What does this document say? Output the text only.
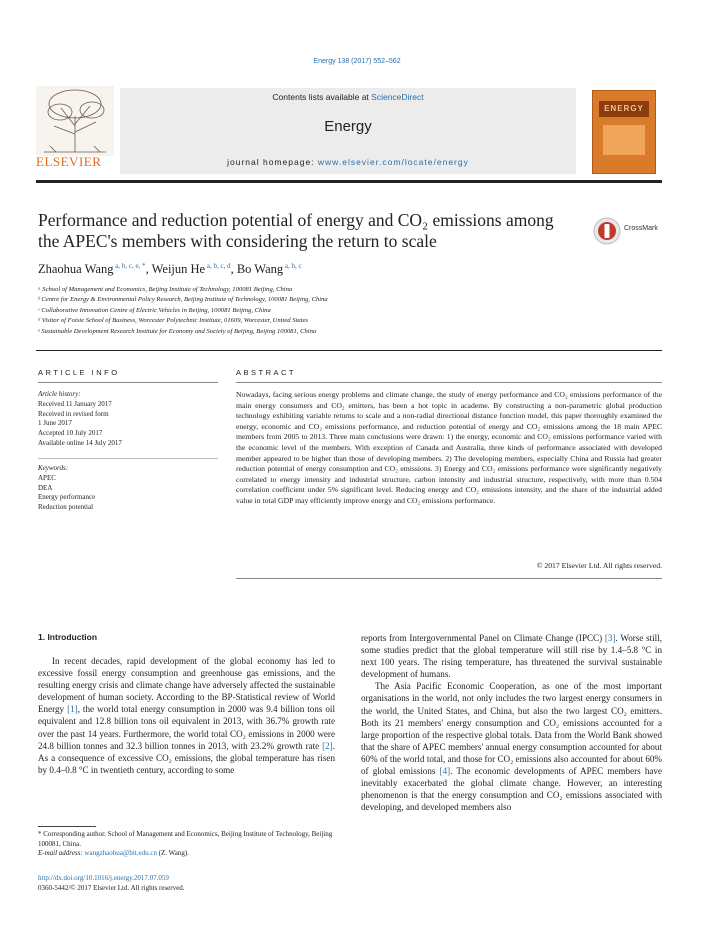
Energy 138 (2017) 552–562
ELSEVIER
Contents lists available at ScienceDirect
Energy
journal homepage: www.elsevier.com/locate/energy
ENERGY
Performance and reduction potential of energy and CO₂ emissions among the APEC's members with considering the return to scale
CrossMark
Zhaohua Wang $^{a, b, c, e, *}$, Weijun He $^{a, b, c, d}$, Bo Wang $^{a, b, c}$
ᵃ School of Management and Economics, Beijing Institute of Technology, 100081 Beijing, China
ᵇ Centre for Energy & Environmental Policy Research, Beijing Institute of Technology, 100081 Beijing, China
ᶜ Collaborative Innovation Centre of Electric Vehicles in Beijing, 100081 Beijing, China
ᵈ Visitor of Foisie School of Business, Worcester Polytechnic Institute, 01609, Worcester, United States
ᵉ Sustainable Development Research Institute for Economy and Society of Beijing, Beijing 100081, China
ARTICLE INFO
Article history:
Received 11 January 2017
Received in revised form
1 June 2017
Accepted 10 July 2017
Available online 14 July 2017
Keywords:
APEC
DEA
Energy performance
Reduction potential
ABSTRACT
Nowadays, facing serious energy problems and climate change, the study of energy performance and CO₂ emissions performance of the main energy consumers and CO₂ emitters, has been a hot topic in academe. By constructing a non-parametric global production technology exhibiting variable returns to scale and a non-radial directional distance function model, this paper thoroughly examined the energy, economic and CO₂ emissions performance, and reduction potential of energy and CO₂ emissions among the 18 main APEC members from 2005 to 2013. Three main conclusions were drawn: 1) the energy, economic and CO₂ emissions performance varied with the economic level of the members. With exception of Canada and Australia, three kinds of performance associated with developed member appeared to be higher than those of developing members. 2) The developing members, especially China and Russia had greater reduction potential of energy consumption and CO₂ emissions. 3) Energy and CO₂ emissions performance were significantly negatively correlated to energy intensity and industrial structure, carbon intensity and industrial structure, respectively, with more than 0.504 correlation coefficient under 5% significant level. Reducing energy and CO₂ emissions intensity, and the share of the industrial added value in total GDP may efficiently improve energy and CO₂ emissions performance.
© 2017 Elsevier Ltd. All rights reserved.
1. Introduction

In recent decades, rapid development of the global economy has led to excessive fossil energy consumption and greenhouse gas emissions, and the resulting energy crisis and climate change have adversely affected the sustainable development of human society. According to the BP-Statistical review of World Energy [1], the world total energy consumption in 2000 was 9.4 billion tons oil equivalent and 12.8 billion tons oil equivalent in 2013, with 36.7% growth rate over the past 14 years. Furthermore, the world total CO₂ emissions in 2000 were 24.8 billion tonnes and 32.3 billion tonnes in 2013, with 23.2% growth rate [2]. As a consequence of excessive CO₂ emissions, the global temperature has risen by 0.4–0.8 °C in twentieth century, according to some

reports from Intergovernmental Panel on Climate Change (IPCC) [3]. Worse still, some studies predict that the global temperature will still rise by 1.4–5.8 °C in next 100 years. The rising temperature, has threatened the survival sustainable development of humans.

The Asia Pacific Economic Cooperation, as one of the most important organisations in the world, not only includes the two largest energy consumers in the world, the United States, and China, but also the two largest CO₂ emitters. Both its 21 members' energy consumption and CO₂ emissions accounted for a large proportion of the respective global totals. Data from the World Bank showed that the share of APEC members' annual energy consumption accounted for about 60% of the world total, and those for CO₂ emissions also accounted for about 60% of global emissions [4]. The economic developments of APEC members have inevitably exacerbated the global climate change. However, an interesting phenomenon is that the energy consumption and CO₂ emissions associated with developing, and developed members also

* Corresponding author. School of Management and Economics, Beijing Institute of Technology, Beijing 100081, China.
E-mail address: wangzhaohua@bit.edu.cn (Z. Wang).
http://dx.doi.org/10.1016/j.energy.2017.07.059
0360-5442/© 2017 Elsevier Ltd. All rights reserved.
